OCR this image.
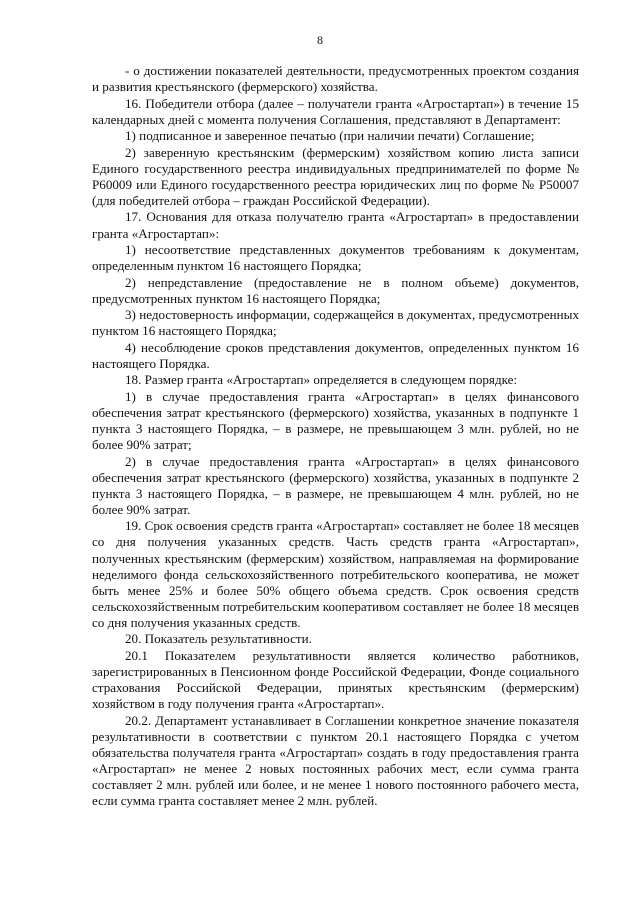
8

- о достижении показателей деятельности, предусмотренных проектом создания и развития крестьянского (фермерского) хозяйства.

16. Победители отбора (далее – получатели гранта «Агростартап») в течение 15 календарных дней с момента получения Соглашения, представляют в Департамент:

1) подписанное и заверенное печатью (при наличии печати) Соглашение;

2) заверенную крестьянским (фермерским) хозяйством копию листа записи Единого государственного реестра индивидуальных предпринимателей по форме № Р60009 или Единого государственного реестра юридических лиц по форме № Р50007 (для победителей отбора – граждан Российской Федерации).

17. Основания для отказа получателю гранта «Агростартап» в предоставлении гранта «Агростартап»:

1) несоответствие представленных документов требованиям к документам, определенным пунктом 16 настоящего Порядка;

2) непредставление (предоставление не в полном объеме) документов, предусмотренных пунктом 16 настоящего Порядка;

3) недостоверность информации, содержащейся в документах, предусмотренных пунктом 16 настоящего Порядка;

4) несоблюдение сроков представления документов, определенных пунктом 16 настоящего Порядка.

18. Размер гранта «Агростартап» определяется в следующем порядке:

1) в случае предоставления гранта «Агростартап» в целях финансового обеспечения затрат крестьянского (фермерского) хозяйства, указанных в подпункте 1 пункта 3 настоящего Порядка, – в размере, не превышающем 3 млн. рублей, но не более 90% затрат;

2) в случае предоставления гранта «Агростартап» в целях финансового обеспечения затрат крестьянского (фермерского) хозяйства, указанных в подпункте 2 пункта 3 настоящего Порядка, – в размере, не превышающем 4 млн. рублей, но не более 90% затрат.

19. Срок освоения средств гранта «Агростартап» составляет не более 18 месяцев со дня получения указанных средств. Часть средств гранта «Агростартап», полученных крестьянским (фермерским) хозяйством, направляемая на формирование неделимого фонда сельскохозяйственного потребительского кооператива, не может быть менее 25% и более 50% общего объема средств. Срок освоения средств сельскохозяйственным потребительским кооперативом составляет не более 18 месяцев со дня получения указанных средств.

20. Показатель результативности.

20.1 Показателем результативности является количество работников, зарегистрированных в Пенсионном фонде Российской Федерации, Фонде социального страхования Российской Федерации, принятых крестьянским (фермерским) хозяйством в году получения гранта «Агростартап».

20.2. Департамент устанавливает в Соглашении конкретное значение показателя результативности в соответствии с пунктом 20.1 настоящего Порядка с учетом обязательства получателя гранта «Агростартап» создать в году предоставления гранта «Агростартап» не менее 2 новых постоянных рабочих мест, если сумма гранта составляет 2 млн. рублей или более, и не менее 1 нового постоянного рабочего места, если сумма гранта составляет менее 2 млн. рублей.
